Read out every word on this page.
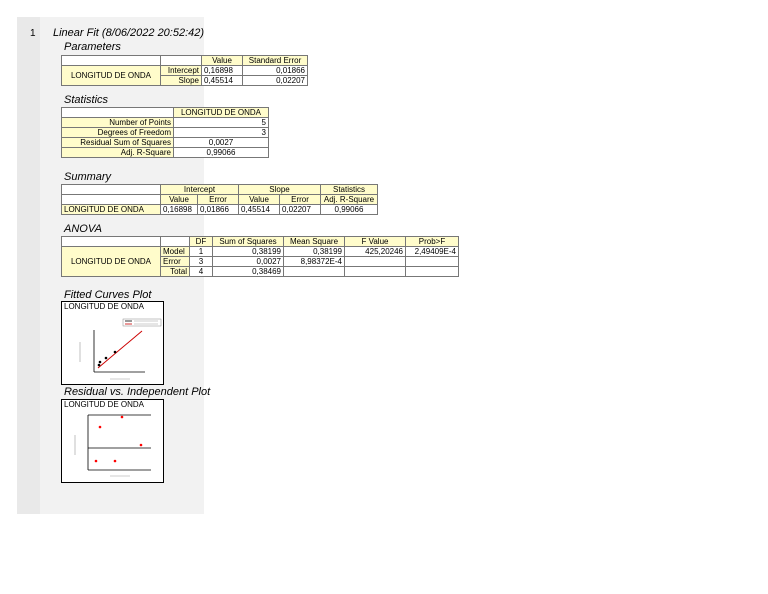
1 Linear Fit (8/06/2022 20:52:42)
Parameters
		Value	Standard Error
LONGITUD DE ONDA	Intercept	0,16898	0,01866
	Slope	0,45514	0,02207
Statistics
	LONGITUD DE ONDA
Number of Points	5
Degrees of Freedom	3
Residual Sum of Squares	0,0027
Adj. R-Square	0,99066
Summary
	Intercept		Slope		Statistics
	Value	Error	Value	Error	Adj. R-Square
LONGITUD DE ONDA	0,16898	0,01866	0,45514	0,02207	0,99066
ANOVA
		DF	Sum of Squares	Mean Square	F Value	Prob>F
LONGITUD DE ONDA	Model	1	0,38199	0,38199	425,20246	2,49409E-4
	Error	3	0,0027	8,98372E-4		
	Total	4	0,38469			
Fitted Curves Plot
LONGITUD DE ONDA
Residual vs. Independent Plot
LONGITUD DE ONDA
